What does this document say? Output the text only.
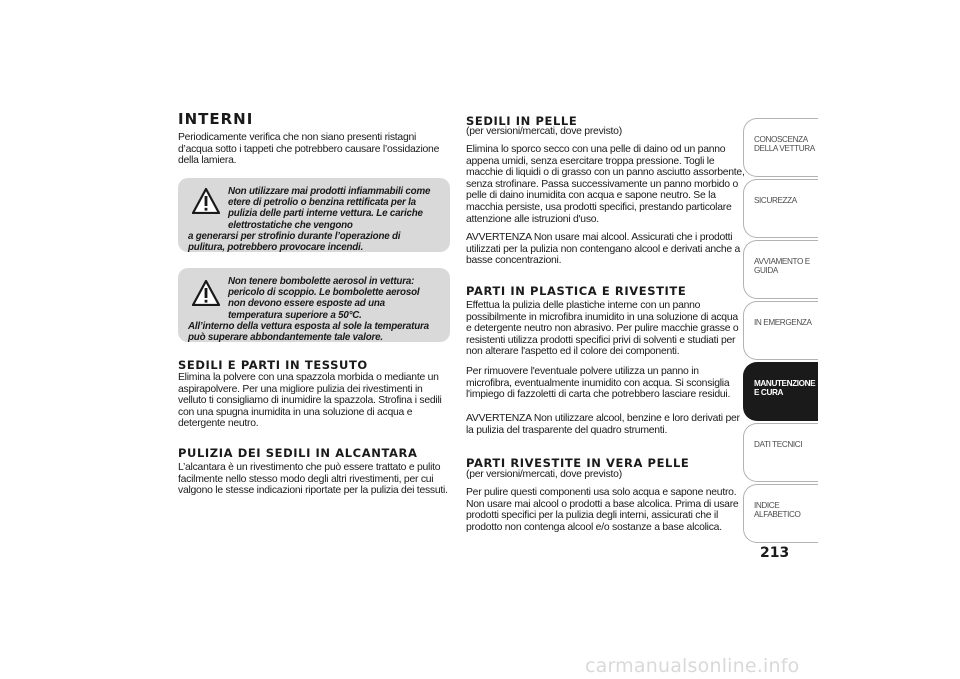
INTERNI

Periodicamente verifica che non siano presenti ristagni d’acqua sotto i tappeti che potrebbero causare l’ossidazione della lamiera.

Non utilizzare mai prodotti infiammabili come etere di petrolio o benzina rettificata per la pulizia delle parti interne vettura. Le cariche elettrostatiche che vengono
a generarsi per strofinio durante l’operazione di pulitura, potrebbero provocare incendi.

Non tenere bombolette aerosol in vettura: pericolo di scoppio. Le bombolette aerosol non devono essere esposte ad una temperatura superiore a 50°C.
All’interno della vettura esposta al sole la temperatura può superare abbondantemente tale valore.

SEDILI E PARTI IN TESSUTO

Elimina la polvere con una spazzola morbida o mediante un aspirapolvere. Per una migliore pulizia dei rivestimenti in velluto ti consigliamo di inumidire la spazzola. Strofina i sedili con una spugna inumidita in una soluzione di acqua e detergente neutro.

PULIZIA DEI SEDILI IN ALCANTARA

L’alcantara è un rivestimento che può essere trattato e pulito facilmente nello stesso modo degli altri rivestimenti, per cui valgono le stesse indicazioni riportate per la pulizia dei tessuti.

SEDILI IN PELLE

(per versioni/mercati, dove previsto)

Elimina lo sporco secco con una pelle di daino od un panno appena umidi, senza esercitare troppa pressione. Togli le macchie di liquidi o di grasso con un panno asciutto assorbente, senza strofinare. Passa successivamente un panno morbido o pelle di daino inumidita con acqua e sapone neutro. Se la macchia persiste, usa prodotti specifici, prestando particolare attenzione alle istruzioni d'uso.

AVVERTENZA Non usare mai alcool. Assicurati che i prodotti utilizzati per la pulizia non contengano alcool e derivati anche a basse concentrazioni.

PARTI IN PLASTICA E RIVESTITE

Effettua la pulizia delle plastiche interne con un panno possibilmente in microfibra inumidito in una soluzione di acqua e detergente neutro non abrasivo. Per pulire macchie grasse o resistenti utilizza prodotti specifici privi di solventi e studiati per non alterare l'aspetto ed il colore dei componenti.

Per rimuovere l'eventuale polvere utilizza un panno in microfibra, eventualmente inumidito con acqua. Si sconsiglia l'impiego di fazzoletti di carta che potrebbero lasciare residui.

AVVERTENZA Non utilizzare alcool, benzine e loro derivati per la pulizia del trasparente del quadro strumenti.

PARTI RIVESTITE IN VERA PELLE

(per versioni/mercati, dove previsto)

Per pulire questi componenti usa solo acqua e sapone neutro. Non usare mai alcool o prodotti a base alcolica. Prima di usare prodotti specifici per la pulizia degli interni, assicurati che il prodotto non contenga alcool e/o sostanze a base alcolica.

CONOSCENZA DELLA VETTURA
SICUREZZA
AVVIAMENTO E GUIDA
IN EMERGENZA
MANUTENZIONE E CURA
DATI TECNICI
INDICE ALFABETICO
213
carmanualsonline.info
